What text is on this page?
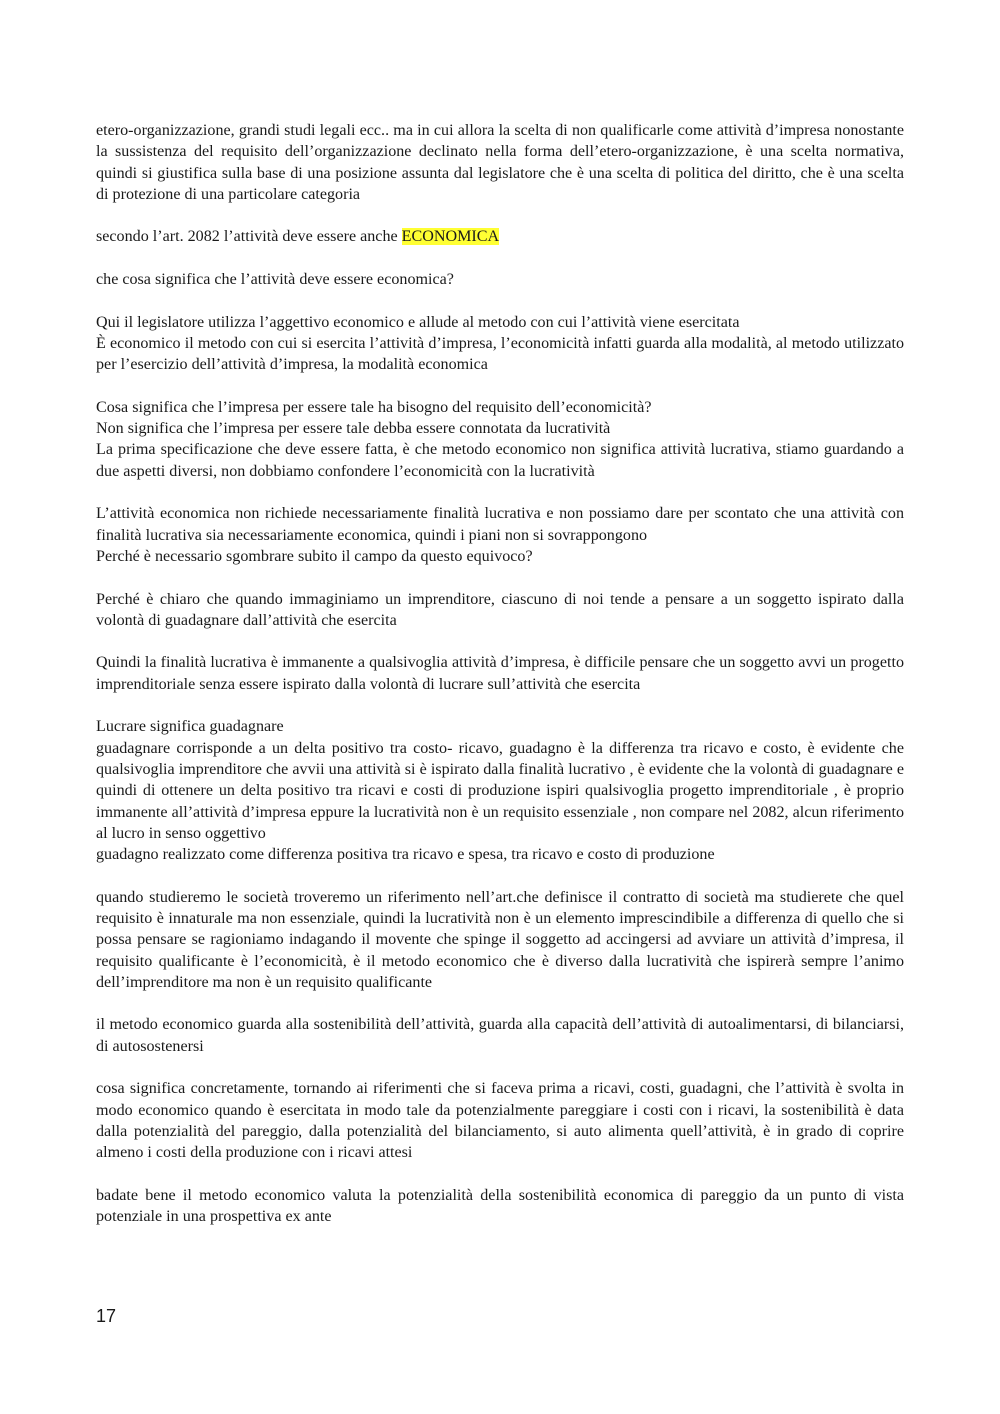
etero-organizzazione, grandi studi legali ecc.. ma in cui allora la scelta di non qualificarle come attività d’impresa nonostante la sussistenza del requisito dell’organizzazione declinato nella forma dell’etero-organizzazione, è una scelta normativa, quindi si giustifica sulla base di una posizione assunta dal legislatore che è una scelta di politica del diritto, che è una scelta di protezione di una particolare categoria

secondo l’art. 2082 l’attività deve essere anche ECONOMICA

che cosa significa che l’attività deve essere economica?

Qui il legislatore utilizza l’aggettivo economico e allude al metodo con cui l’attività viene esercitata
È economico il metodo con cui si esercita l’attività d’impresa, l’economicità infatti guarda alla modalità, al metodo utilizzato per l’esercizio dell’attività d’impresa, la modalità economica

Cosa significa che l’impresa per essere tale ha bisogno del requisito dell’economicità?
Non significa che l’impresa per essere tale debba essere connotata da lucratività
La prima specificazione che deve essere fatta, è che metodo economico non significa attività lucrativa, stiamo guardando a due aspetti diversi, non dobbiamo confondere l’economicità con la lucratività

L’attività economica non richiede necessariamente finalità lucrativa e non possiamo dare per scontato che una attività con finalità lucrativa sia necessariamente economica, quindi i piani non si sovrappongono
Perché è necessario sgombrare subito il campo da questo equivoco?

Perché è chiaro che quando immaginiamo un imprenditore, ciascuno di noi tende a pensare a un soggetto ispirato dalla volontà di guadagnare dall’attività che esercita

Quindi la finalità lucrativa è immanente a qualsivoglia attività d’impresa, è difficile pensare che un soggetto avvi un progetto imprenditoriale senza essere ispirato dalla volontà di lucrare sull’attività che esercita

Lucrare significa guadagnare
guadagnare corrisponde a un delta positivo tra costo- ricavo, guadagno è la differenza tra ricavo e costo, è evidente che qualsivoglia imprenditore che avvii una attività si è ispirato dalla finalità lucrativo , è evidente che la volontà di guadagnare e quindi di ottenere un delta positivo tra ricavi e costi di produzione ispiri qualsivoglia progetto imprenditoriale , è proprio immanente all’attività d’impresa eppure la lucratività non è un requisito essenziale , non compare nel 2082, alcun riferimento al lucro in senso oggettivo
guadagno realizzato come differenza positiva tra ricavo e spesa, tra ricavo e costo di produzione

quando studieremo le società troveremo un riferimento nell’art.che definisce il contratto di società ma studierete che quel requisito è innaturale ma non essenziale, quindi la lucratività non è un elemento imprescindibile a differenza di quello che si possa pensare se ragioniamo indagando il movente che spinge il soggetto ad accingersi ad avviare un attività d’impresa, il requisito qualificante è l’economicità, è il metodo economico che è diverso dalla lucratività che ispirerà sempre l’animo dell’imprenditore ma non è un requisito qualificante

il metodo economico guarda alla sostenibilità dell’attività, guarda alla capacità dell’attività di autoalimentarsi, di bilanciarsi, di autosostenersi

cosa significa concretamente, tornando ai riferimenti che si faceva prima a ricavi, costi, guadagni, che l’attività è svolta in modo economico quando è esercitata in modo tale da potenzialmente pareggiare i costi con i ricavi, la sostenibilità è data dalla potenzialità del pareggio, dalla potenzialità del bilanciamento, si auto alimenta quell’attività, è in grado di coprire almeno i costi della produzione con i ricavi attesi

badate bene il metodo economico valuta la potenzialità della sostenibilità economica di pareggio da un punto di vista potenziale in una prospettiva ex ante

17
